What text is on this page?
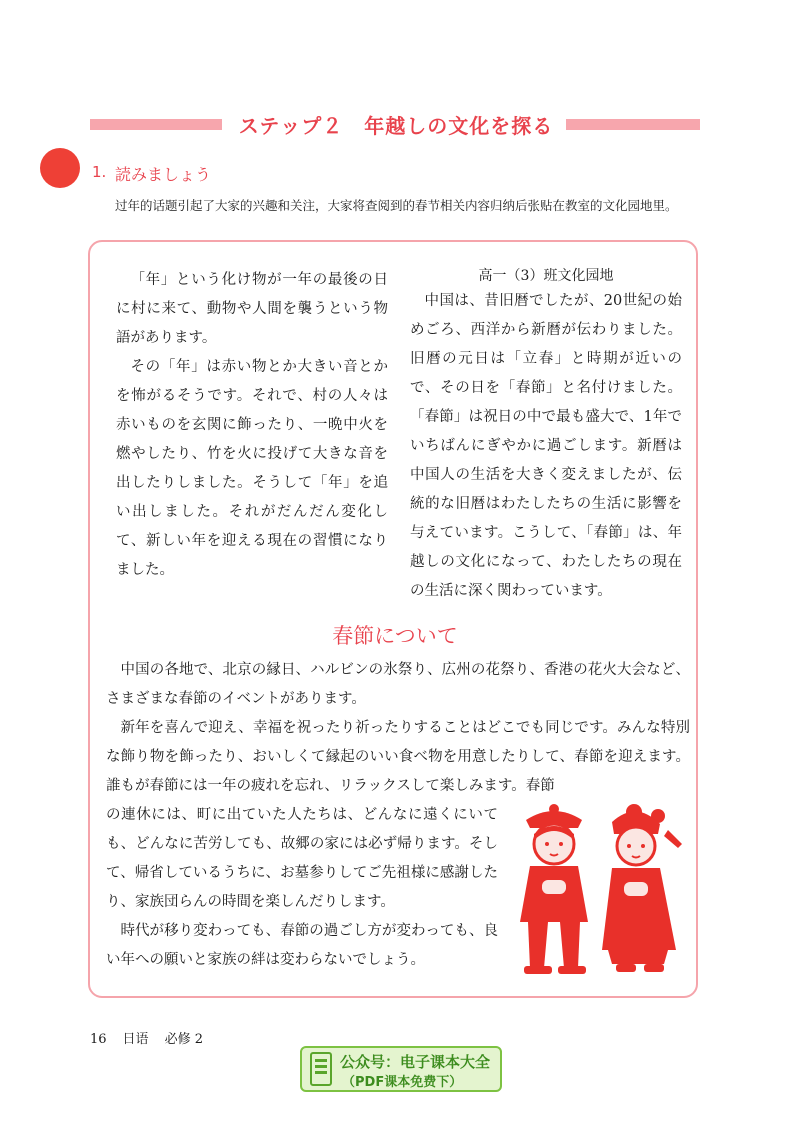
ステップ２　年越しの文化を探る
1. 読みましょう
过年的话题引起了大家的兴趣和关注，大家将查阅到的春节相关内容归纳后张贴在教室的文化园地里。

「年」という化け物が一年の最後の日に村に来て、動物や人間を襲うという物語があります。

その「年」は赤い物とか大きい音とかを怖がるそうです。それで、村の人々は赤いものを玄関に飾ったり、一晩中火を燃やしたり、竹を火に投げて大きな音を出したりしました。そうして「年」を追い出しました。それがだんだん変化して、新しい年を迎える現在の習慣になりました。

高一（3）班文化园地

中国は、昔旧暦でしたが、20世紀の始めごろ、西洋から新暦が伝わりました。旧暦の元日は「立春」と時期が近いので、その日を「春節」と名付けました。「春節」は祝日の中で最も盛大で、1年でいちばんにぎやかに過ごします。新暦は中国人の生活を大きく変えましたが、伝統的な旧暦はわたしたちの生活に影響を与えています。こうして、「春節」は、年越しの文化になって、わたしたちの現在の生活に深く関わっています。

春節について

中国の各地で、北京の縁日、ハルビンの氷祭り、広州の花祭り、香港の花火大会など、さまざまな春節のイベントがあります。

新年を喜んで迎え、幸福を祝ったり祈ったりすることはどこでも同じです。みんな特別な飾り物を飾ったり、おいしくて縁起のいい食べ物を用意したりして、春節を迎えます。誰もが春節には一年の疲れを忘れ、リラックスして楽しみます。春節

の連休には、町に出ていた人たちは、どんなに遠くにいても、どんなに苦労しても、故郷の家には必ず帰ります。そして、帰省しているうちに、お墓参りしてご先祖様に感謝したり、家族団らんの時間を楽しんだりします。

時代が移り変わっても、春節の過ごし方が変わっても、良い年への願いと家族の絆は変わらないでしょう。

16 日语 必修 2
公众号：电子课本大全
（PDF课本免费下）
